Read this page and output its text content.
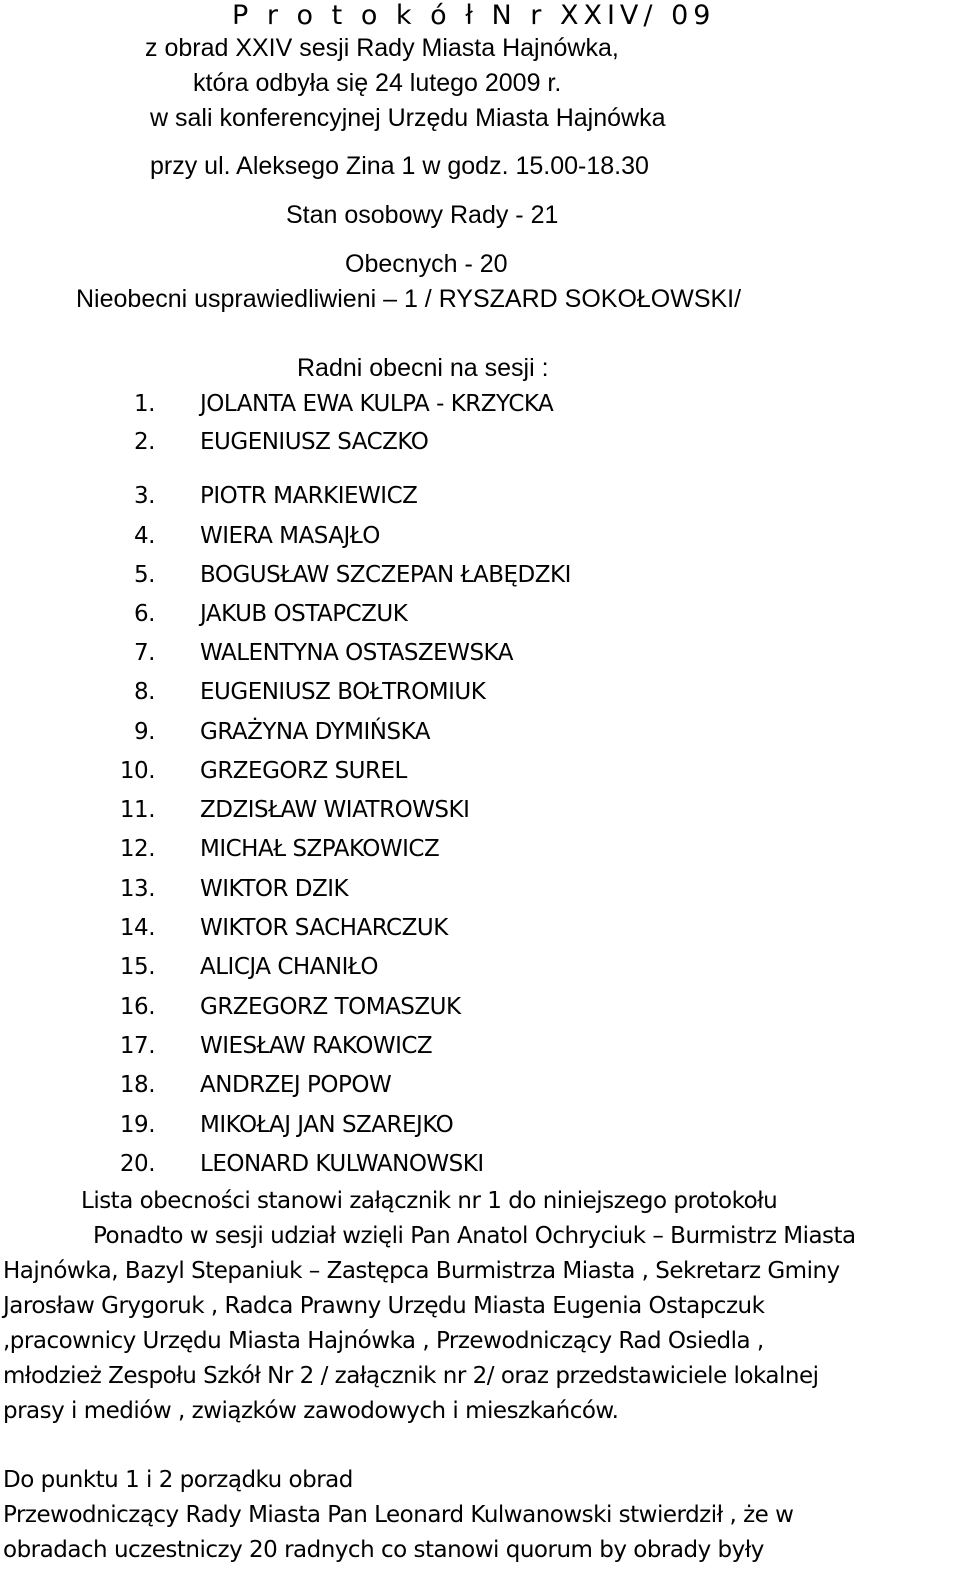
P r o t o k ó ł N r XXIV/ 09
z obrad XXIV sesji Rady Miasta Hajnówka,
która odbyła się 24 lutego 2009 r.
w sali konferencyjnej Urzędu Miasta Hajnówka
przy ul. Aleksego Zina 1 w godz. 15.00-18.30
Stan osobowy Rady - 21
Obecnych - 20
Nieobecni usprawiedliwieni – 1 / RYSZARD SOKOŁOWSKI/
Radni obecni na sesji :
1. JOLANTA EWA KULPA - KRZYCKA
2. EUGENIUSZ SACZKO
3. PIOTR MARKIEWICZ
4. WIERA MASAJŁO
5. BOGUSŁAW SZCZEPAN ŁABĘDZKI
6. JAKUB OSTAPCZUK
7. WALENTYNA OSTASZEWSKA
8. EUGENIUSZ BOŁTROMIUK
9. GRAŻYNA DYMIŃSKA
10. GRZEGORZ SUREL
11. ZDZISŁAW WIATROWSKI
12. MICHAŁ SZPAKOWICZ
13. WIKTOR DZIK
14. WIKTOR SACHARCZUK
15. ALICJA CHANIŁO
16. GRZEGORZ TOMASZUK
17. WIESŁAW RAKOWICZ
18. ANDRZEJ POPOW
19. MIKOŁAJ JAN SZAREJKO
20. LEONARD KULWANOWSKI
Lista obecności stanowi załącznik nr 1 do niniejszego protokołu
Ponadto w sesji udział wzięli Pan Anatol Ochryciuk – Burmistrz Miasta
Hajnówka, Bazyl Stepaniuk – Zastępca Burmistrza Miasta , Sekretarz Gminy
Jarosław Grygoruk , Radca Prawny Urzędu Miasta Eugenia Ostapczuk
,pracownicy Urzędu Miasta Hajnówka , Przewodniczący Rad Osiedla ,
młodzież Zespołu Szkół Nr 2 / załącznik nr 2/ oraz przedstawiciele lokalnej
prasy i mediów , związków zawodowych i mieszkańców.
Do punktu 1 i 2 porządku obrad
Przewodniczący Rady Miasta Pan Leonard Kulwanowski stwierdził , że w
obradach uczestniczy 20 radnych co stanowi quorum by obrady były
